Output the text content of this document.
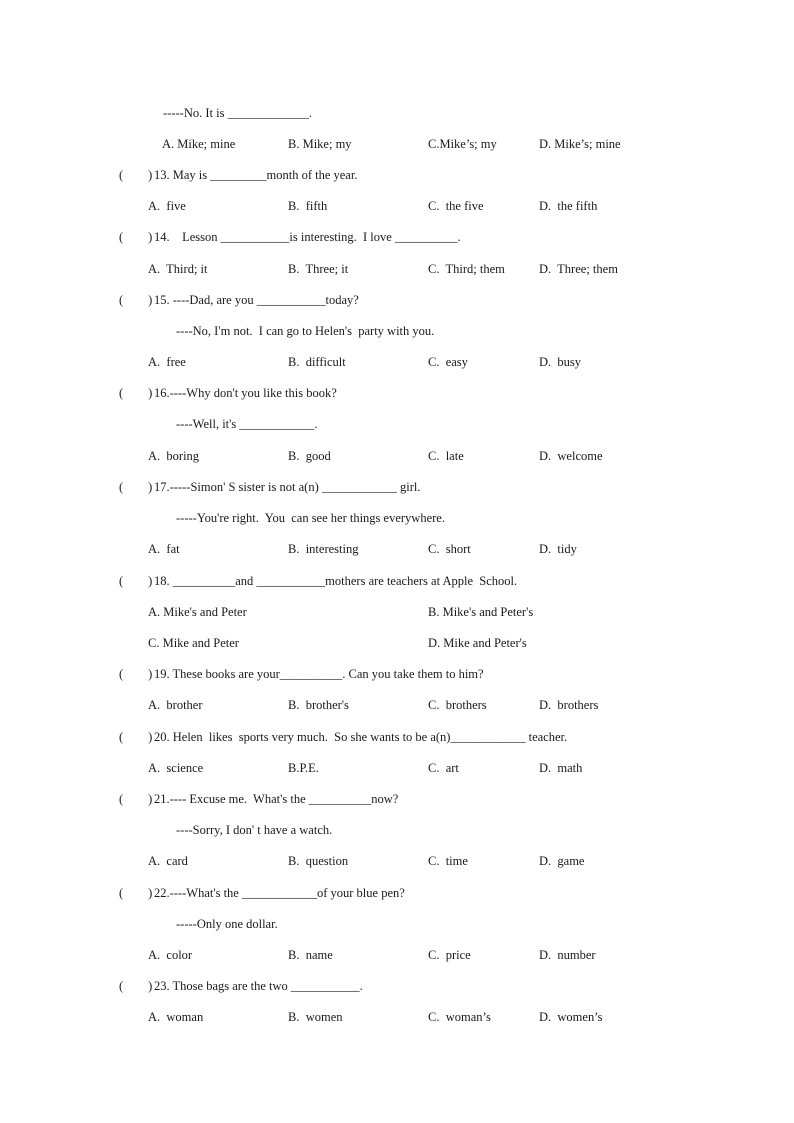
-----No. It is _____________.
A. Mike; mine	B. Mike; my	C.Mike’s; my	D. Mike’s; mine
(        ) 13. May is _________month of the year.
A.  five	B.  fifth	C.  the five	D.  the fifth
(        ) 14.    Lesson ___________is interesting.  I love __________.
A.  Third; it	B.  Three; it	C.  Third; them	D.  Three; them
(        ) 15. ----Dad, are you ___________today?
----No, I'm not.  I can go to Helen's  party with you.
A.  free	B.  difficult	C.  easy	D.  busy
(        ) 16.----Why don't you like this book?
----Well, it's ____________.
A.  boring	B.  good	C.  late	D.  welcome
(        ) 17.-----Simon' S sister is not a(n) ____________ girl.
-----You're right.  You  can see her things everywhere.
A.  fat	B.  interesting	C.  short	D.  tidy
(        ) 18. __________and ___________mothers are teachers at Apple  School.
A. Mike's and Peter	B. Mike's and Peter's
C. Mike and Peter	D. Mike and Peter's
(        ) 19. These books are your__________. Can you take them to him?
A.  brother	B.  brother's	C.  brothers	D.  brothers
(        ) 20. Helen  likes  sports very much.  So she wants to be a(n)____________ teacher.
A.  science	B.P.E.	C.  art	D.  math
(        ) 21.---- Excuse me.  What's the __________now?
----Sorry, I don' t have a watch.
A.  card	B.  question	C.  time	D.  game
(        ) 22.----What's the ____________of your blue pen?
-----Only one dollar.
A.  color	B.  name	C.  price	D.  number
(        ) 23. Those bags are the two ___________.
A.  woman	B.  women	C.  woman’s	D.  women’s
